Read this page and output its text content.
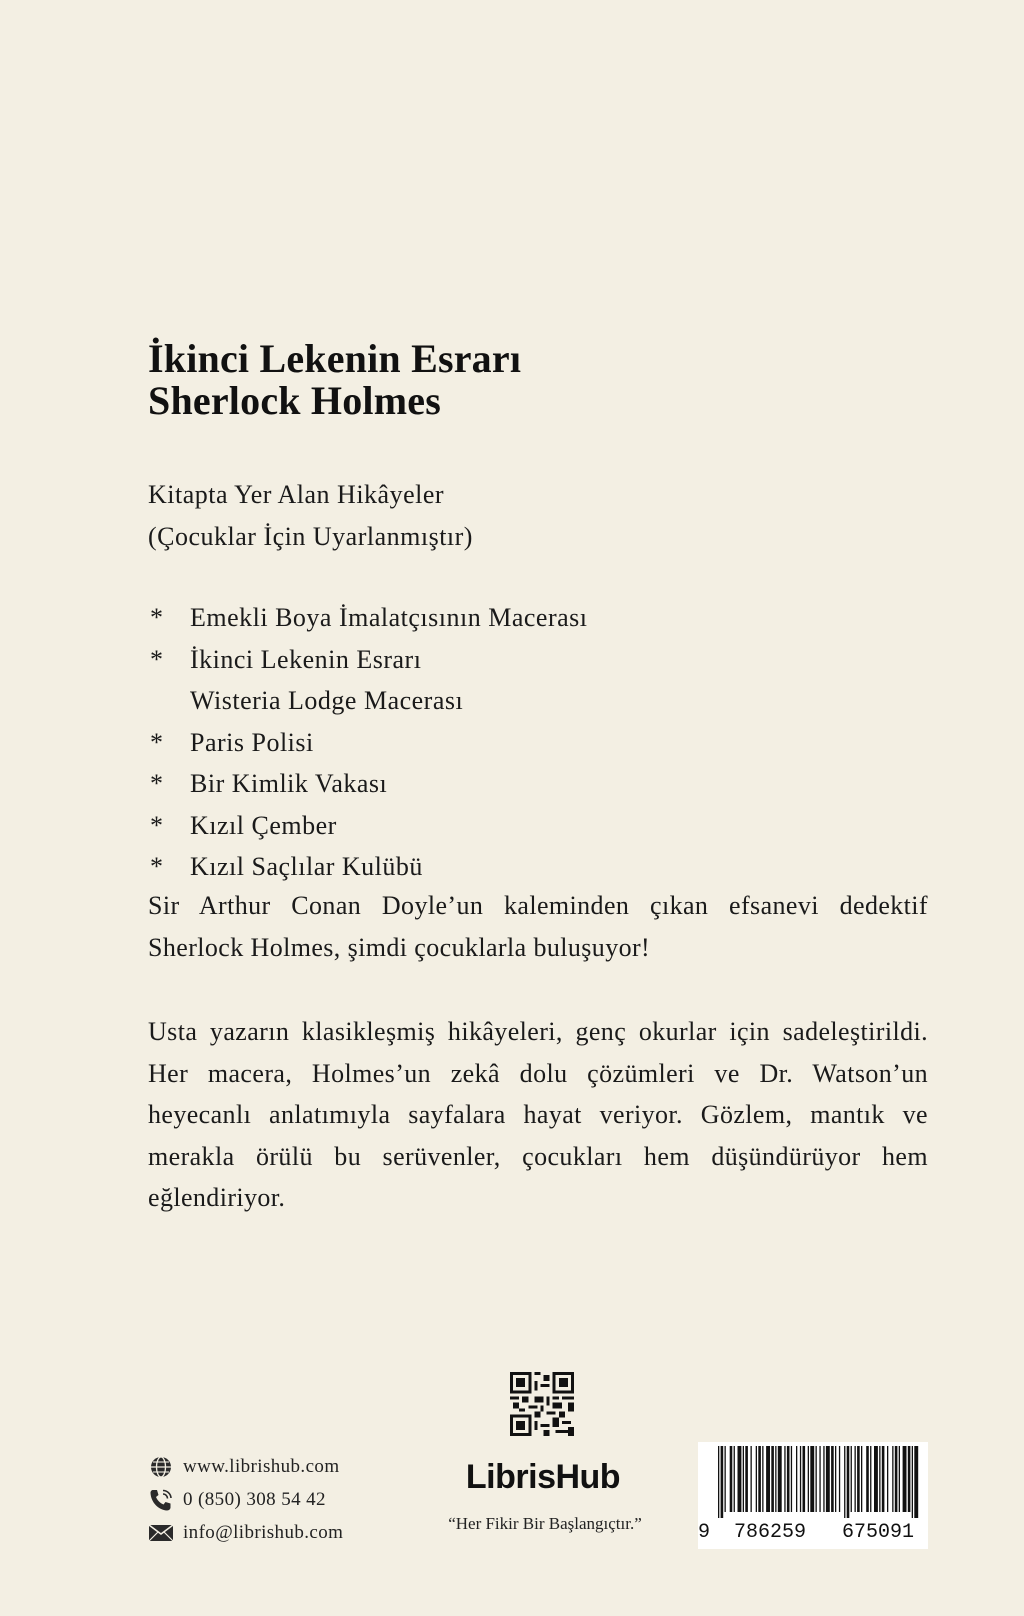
İkinci Lekenin Esrarı

Sherlock Holmes

Kitapta Yer Alan Hikâyeler

(Çocuklar İçin Uyarlanmıştır)

*	Emekli Boya İmalatçısının Macerası
*	İkinci Lekenin Esrarı
Wisteria Lodge Macerası
*	Paris Polisi
*	Bir Kimlik Vakası
*	Kızıl Çember
*	Kızıl Saçlılar Kulübü

Sir Arthur Conan Doyle’un kaleminden çıkan efsanevi dedektif Sherlock Holmes, şimdi çocuklarla buluşuyor!

Usta yazarın klasikleşmiş hikâyeleri, genç okurlar için sadeleştirildi. Her macera, Holmes’un zekâ dolu çözümleri ve Dr. Watson’un heyecanlı anlatımıyla sayfalara hayat veriyor. Gözlem, mantık ve merakla örülü bu serüvenler, çocukları hem düşündürüyor hem eğlendiriyor.

www.librishub.com
0 (850) 308 54 42
info@librishub.com
LibrisHub
“Her Fikir Bir Başlangıçtır.”	9  786259   675091
